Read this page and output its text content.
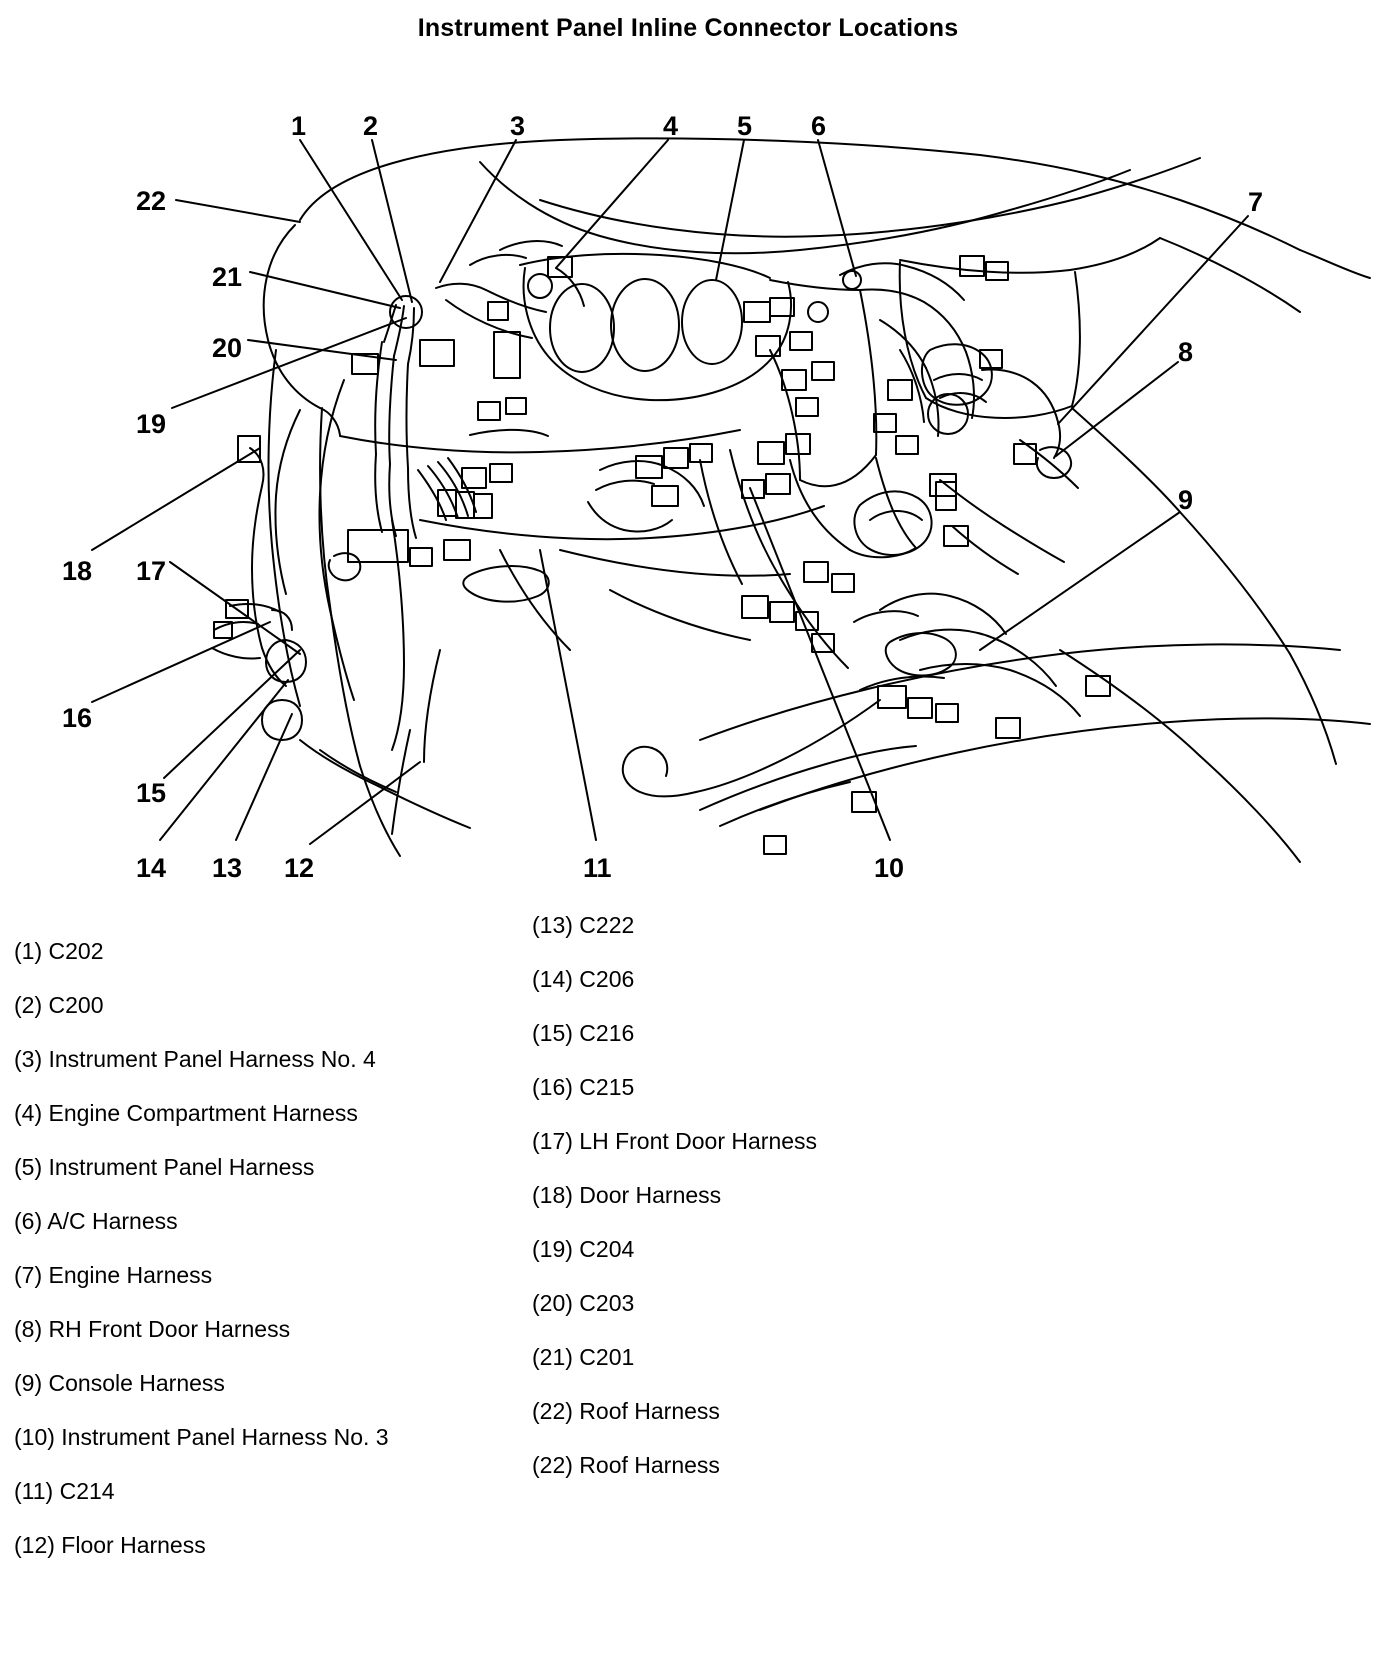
Instrument Panel Inline Connector Locations
1 2	3	4 5 6
7
8
9
10
11
12
13
14
15
16
17
18
19
20
21
22
(1) C202
(2) C200
(3) Instrument Panel Harness No. 4
(4) Engine Compartment Harness
(5) Instrument Panel Harness
(6) A/C Harness
(7) Engine Harness
(8) RH Front Door Harness
(9) Console Harness
(10) Instrument Panel Harness No. 3
(11) C214
(12) Floor Harness
(13) C222
(14) C206
(15) C216
(16) C215
(17) LH Front Door Harness
(18) Door Harness
(19) C204
(20) C203
(21) C201
(22) Roof Harness
(22) Roof Harness
